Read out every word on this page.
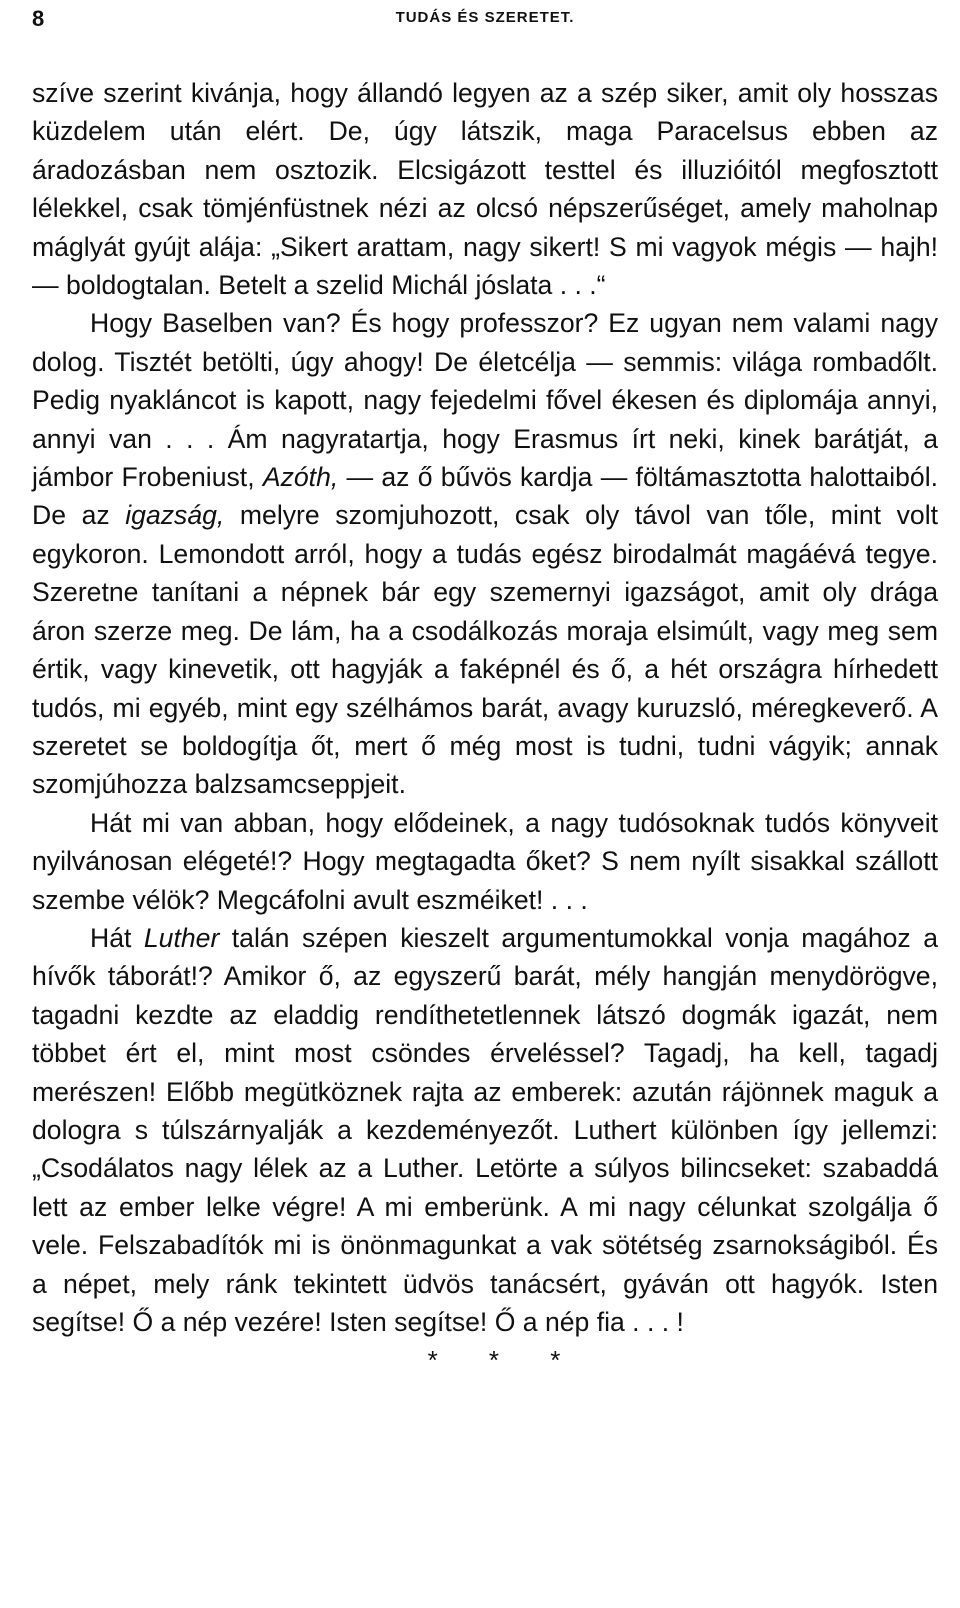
8	TUDÁS ÉS SZERETET.

szíve szerint kivánja, hogy állandó legyen az a szép siker, amit oly hosszas küzdelem után elért. De, úgy látszik, maga Paracelsus ebben az áradozásban nem osztozik. Elcsigázott testtel és illuzióitól megfosztott lélekkel, csak tömjénfüstnek nézi az olcsó népszerűséget, amely maholnap máglyát gyújt alája: „Sikert arattam, nagy sikert! S mi vagyok mégis — hajh! — boldogtalan. Betelt a szelid Michál jóslata . . .“

Hogy Baselben van? És hogy professzor? Ez ugyan nem valami nagy dolog. Tisztét betölti, úgy ahogy! De életcélja — semmis: világa rombadőlt. Pedig nyakláncot is kapott, nagy fejedelmi fővel ékesen és diplomája annyi, annyi van . . . Ám nagyratartja, hogy Erasmus írt neki, kinek barátját, a jámbor Frobeniust, Azóth, — az ő bűvös kardja — föltámasztotta halottaiból. De az igazság, melyre szomjuhozott, csak oly távol van tőle, mint volt egykoron. Lemondott arról, hogy a tudás egész birodalmát magáévá tegye. Szeretne tanítani a népnek bár egy szemernyi igazságot, amit oly drága áron szerze meg. De lám, ha a csodálkozás moraja elsimúlt, vagy meg sem értik, vagy kinevetik, ott hagyják a faképnél és ő, a hét országra hírhedett tudós, mi egyéb, mint egy szélhámos barát, avagy kuruzsló, méregkeverő. A szeretet se boldogítja őt, mert ő még most is tudni, tudni vágyik; annak szomjúhozza balzsamcseppjeit.

Hát mi van abban, hogy elődeinek, a nagy tudósoknak tudós könyveit nyilvánosan elégeté!? Hogy megtagadta őket? S nem nyílt sisakkal szállott szembe vélök? Megcáfolni avult eszméiket! . . .

Hát Luther talán szépen kieszelt argumentumokkal vonja magához a hívők táborát!? Amikor ő, az egyszerű barát, mély hangján menydörögve, tagadni kezdte az eladdig rendíthetetlennek látszó dogmák igazát, nem többet ért el, mint most csöndes érveléssel? Tagadj, ha kell, tagadj merészen! Előbb megütköznek rajta az emberek: azután rájönnek maguk a dologra s túlszárnyalják a kezdeményezőt. Luthert különben így jellemzi: „Csodálatos nagy lélek az a Luther. Letörte a súlyos bilincseket: szabaddá lett az ember lelke végre! A mi emberünk. A mi nagy célunkat szolgálja ő vele. Felszabadítók mi is önönmagunkat a vak sötétség zsarnokságiból. És a népet, mely ránk tekintett üdvös tanácsért, gyáván ott hagyók. Isten segítse! Ő a nép vezére! Isten segítse! Ő a nép fia . . . !

* * *
